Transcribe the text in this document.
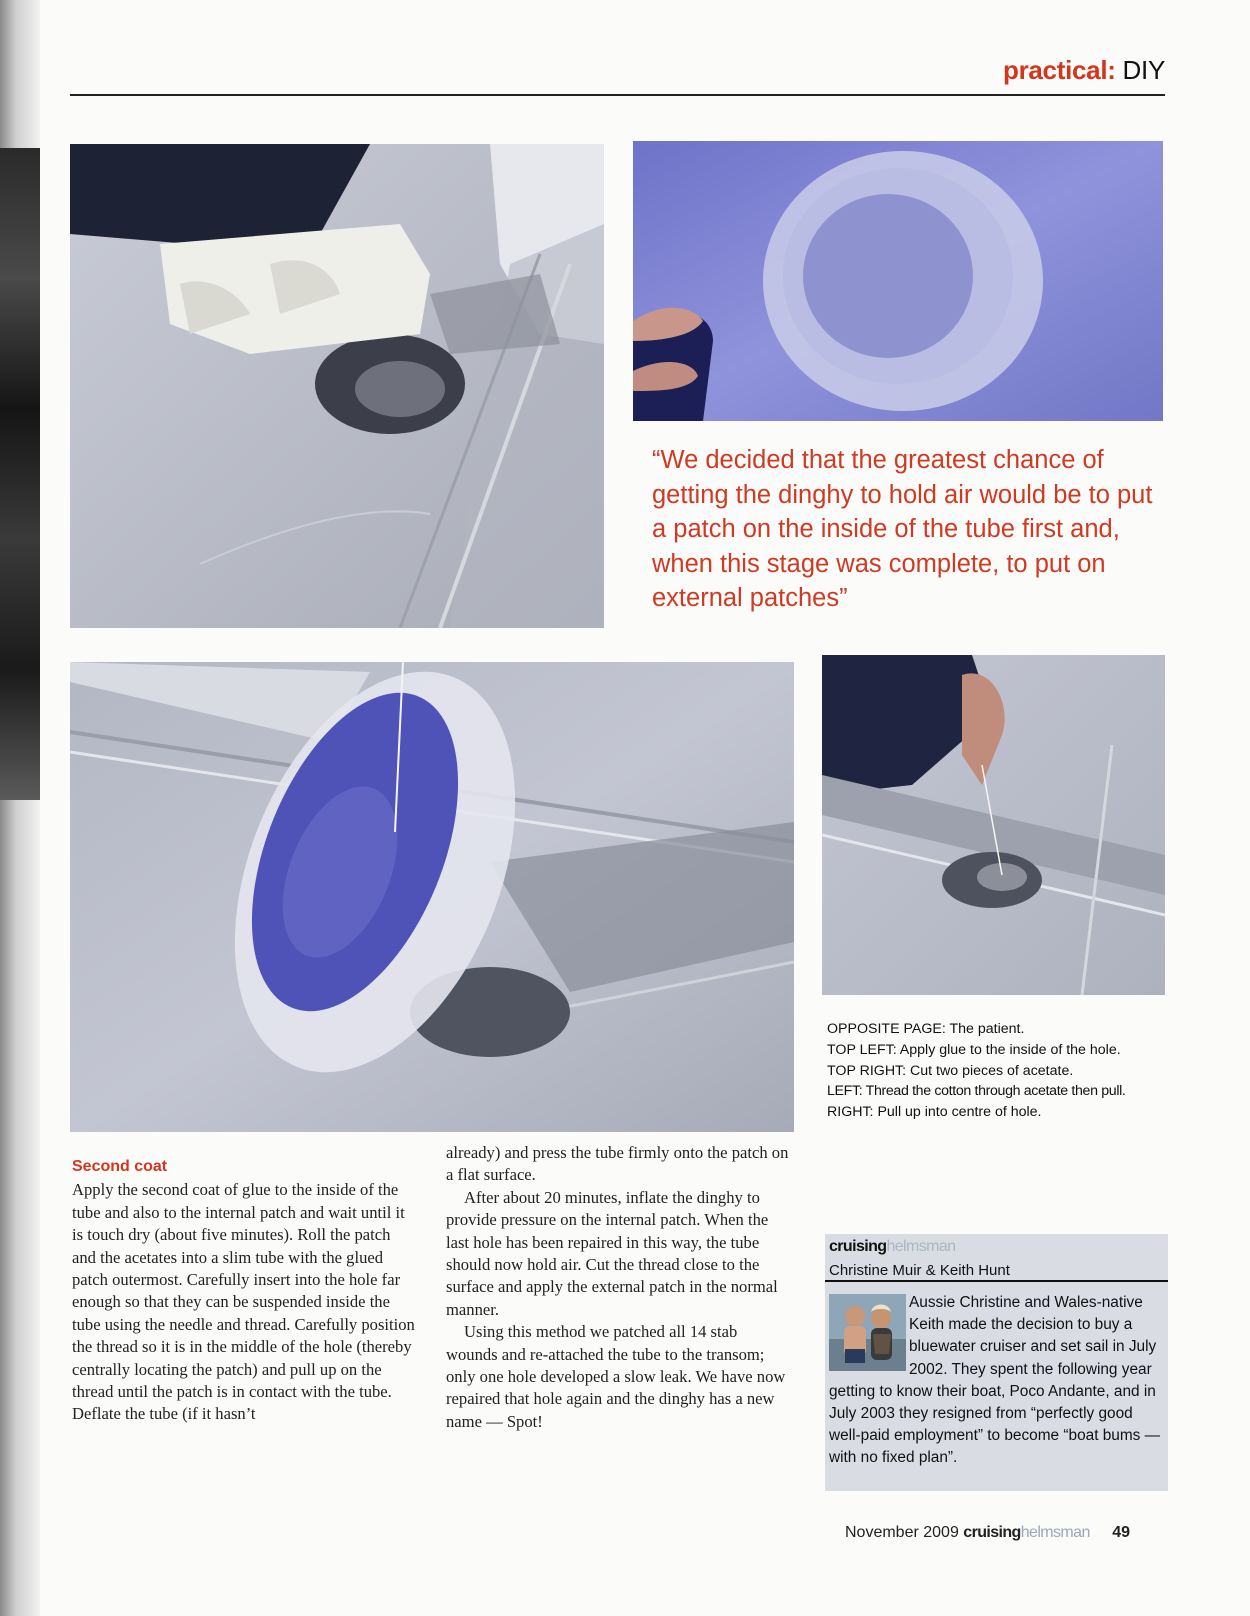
practical: DIY
“We decided that the greatest chance of getting the dinghy to hold air would be to put a patch on the inside of the tube first and, when this stage was complete, to put on external patches”
OPPOSITE PAGE: The patient.
TOP LEFT: Apply glue to the inside of the hole.
TOP RIGHT: Cut two pieces of acetate.
LEFT: Thread the cotton through acetate then pull.
RIGHT: Pull up into centre of hole.
Second coat

Apply the second coat of glue to the inside of the tube and also to the internal patch and wait until it is touch dry (about five minutes). Roll the patch and the acetates into a slim tube with the glued patch outermost. Carefully insert into the hole far enough so that they can be suspended inside the tube using the needle and thread. Carefully position the thread so it is in the middle of the hole (thereby centrally locating the patch) and pull up on the thread until the patch is in contact with the tube. Deflate the tube (if it hasn’t

already) and press the tube firmly onto the patch on a flat surface.

After about 20 minutes, inflate the dinghy to provide pressure on the internal patch. When the last hole has been repaired in this way, the tube should now hold air. Cut the thread close to the surface and apply the external patch in the normal manner.

Using this method we patched all 14 stab wounds and re-attached the tube to the transom; only one hole developed a slow leak. We have now repaired that hole again and the dinghy has a new name — Spot!

cruisinghelmsman
Christine Muir & Keith Hunt
Aussie Christine and Wales-native Keith made the decision to buy a bluewater cruiser and set sail in July 2002. They spent the following year getting to know their boat, Poco Andante, and in July 2003 they resigned from “perfectly good well-paid employment” to become “boat bums — with no fixed plan”.
November 2009 cruisinghelmsman 49
